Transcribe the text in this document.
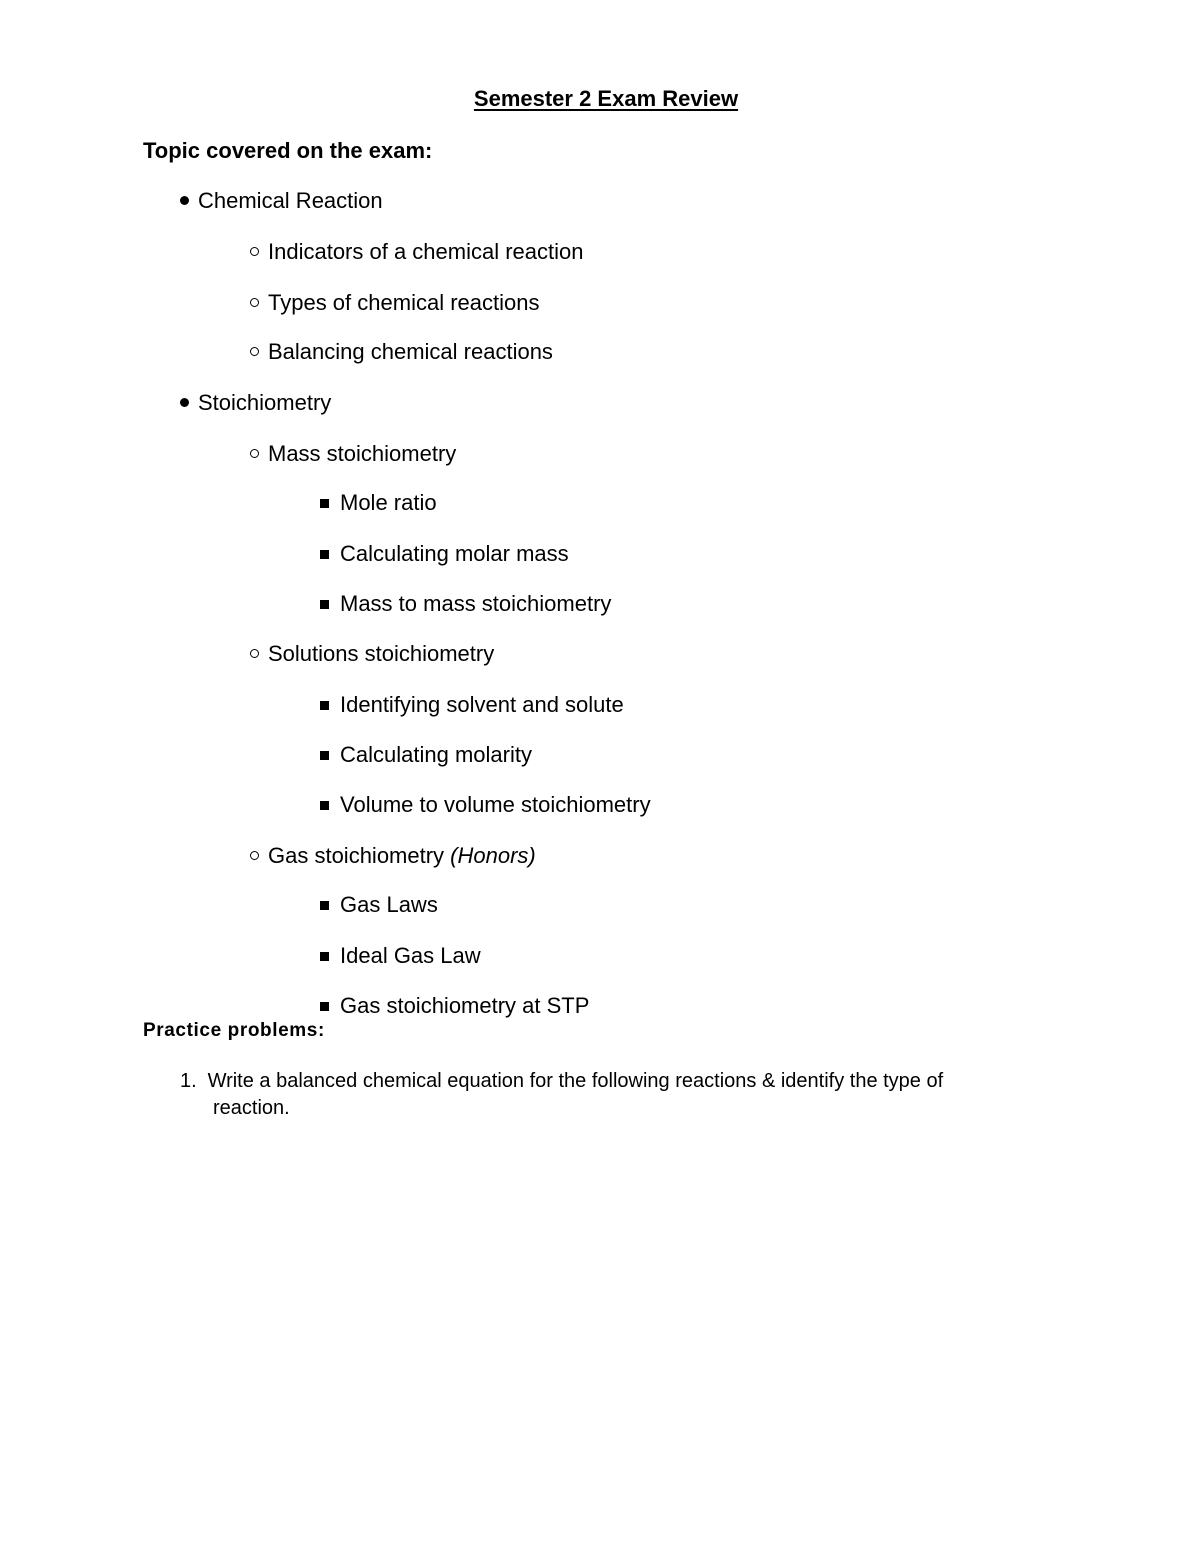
Semester 2 Exam Review
Topic covered on the exam:
Chemical Reaction
Indicators of a chemical reaction
Types of chemical reactions
Balancing chemical reactions
Stoichiometry
Mass stoichiometry
Mole ratio
Calculating molar mass
Mass to mass stoichiometry
Solutions stoichiometry
Identifying solvent and solute
Calculating molarity
Volume to volume stoichiometry
Gas stoichiometry (Honors)
Gas Laws
Ideal Gas Law
Gas stoichiometry at STP
Practice problems:
1. Write a balanced chemical equation for the following reactions & identify the type of
reaction.
